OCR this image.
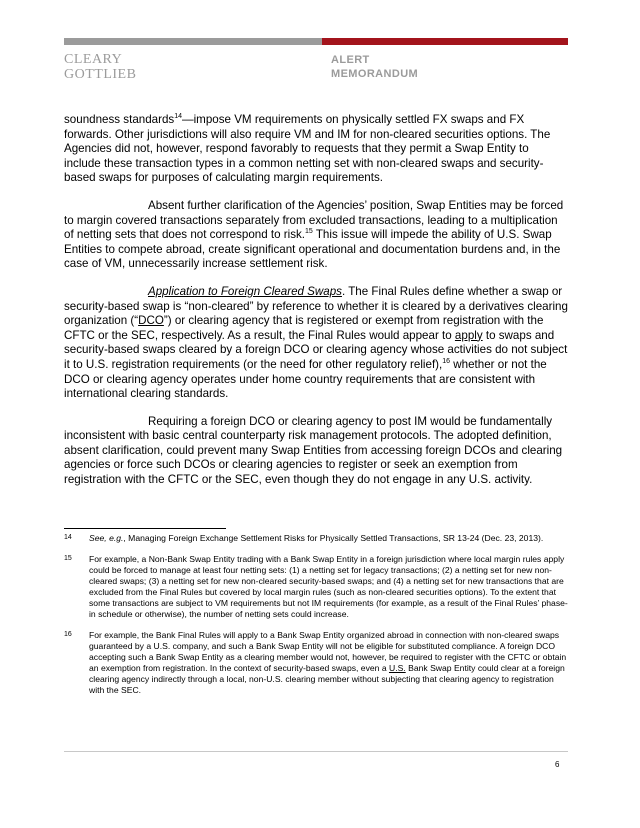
CLEARY
GOTTLIEB
ALERT
MEMORANDUM

soundness standards$^{14}$—impose VM requirements on physically settled FX swaps and FX forwards. Other jurisdictions will also require VM and IM for non-cleared securities options. The Agencies did not, however, respond favorably to requests that they permit a Swap Entity to include these transaction types in a common netting set with non-cleared swaps and security-based swaps for purposes of calculating margin requirements.

Absent further clarification of the Agencies’ position, Swap Entities may be forced to margin covered transactions separately from excluded transactions, leading to a multiplication of netting sets that does not correspond to risk.$^{15}$ This issue will impede the ability of U.S. Swap Entities to compete abroad, create significant operational and documentation burdens and, in the case of VM, unnecessarily increase settlement risk.

Application to Foreign Cleared Swaps. The Final Rules define whether a swap or security-based swap is “non-cleared” by reference to whether it is cleared by a derivatives clearing organization (“DCO”) or clearing agency that is registered or exempt from registration with the CFTC or the SEC, respectively. As a result, the Final Rules would appear to apply to swaps and security-based swaps cleared by a foreign DCO or clearing agency whose activities do not subject it to U.S. registration requirements (or the need for other regulatory relief),$^{16}$ whether or not the DCO or clearing agency operates under home country requirements that are consistent with international clearing standards.

Requiring a foreign DCO or clearing agency to post IM would be fundamentally inconsistent with basic central counterparty risk management protocols. The adopted definition, absent clarification, could prevent many Swap Entities from accessing foreign DCOs and clearing agencies or force such DCOs or clearing agencies to register or seek an exemption from registration with the CFTC or the SEC, even though they do not engage in any U.S. activity.

14	See, e.g., Managing Foreign Exchange Settlement Risks for Physically Settled Transactions, SR 13-24 (Dec. 23, 2013).
15	For example, a Non-Bank Swap Entity trading with a Bank Swap Entity in a foreign jurisdiction where local margin rules apply could be forced to manage at least four netting sets: (1) a netting set for legacy transactions; (2) a netting set for new non-cleared swaps; (3) a netting set for new non-cleared security-based swaps; and (4) a netting set for new transactions that are excluded from the Final Rules but covered by local margin rules (such as non-cleared securities options). To the extent that some transactions are subject to VM requirements but not IM requirements (for example, as a result of the Final Rules’ phase-in schedule or otherwise), the number of netting sets could increase.
16	For example, the Bank Final Rules will apply to a Bank Swap Entity organized abroad in connection with non-cleared swaps guaranteed by a U.S. company, and such a Bank Swap Entity will not be eligible for substituted compliance. A foreign DCO accepting such a Bank Swap Entity as a clearing member would not, however, be required to register with the CFTC or obtain an exemption from registration. In the context of security-based swaps, even a U.S. Bank Swap Entity could clear at a foreign clearing agency indirectly through a local, non-U.S. clearing member without subjecting that clearing agency to registration with the SEC.
6
